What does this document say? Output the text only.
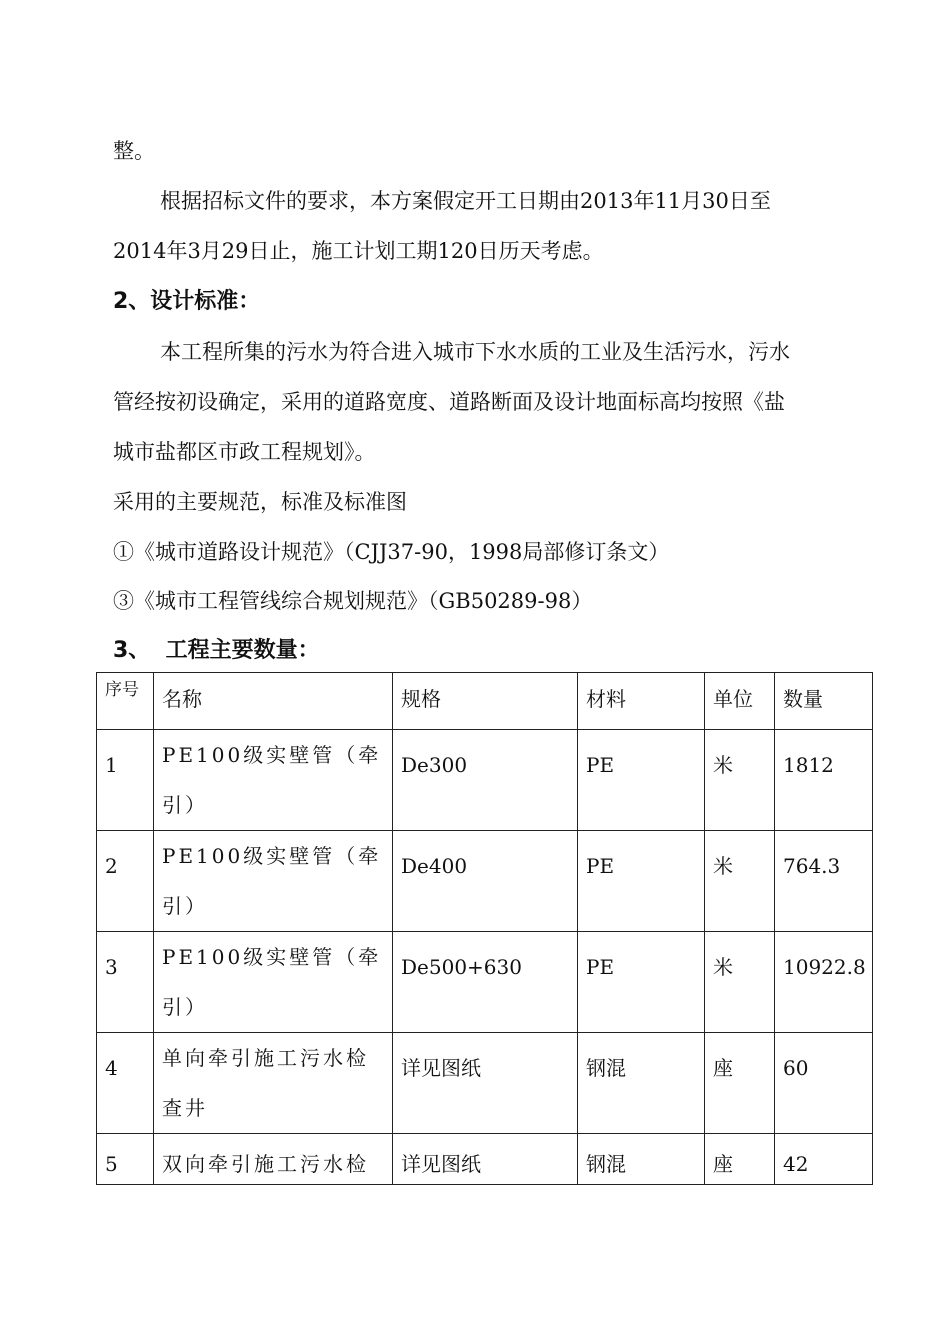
整。
根据招标文件的要求，本方案假定开工日期由2013年11月30日至
2014年3月29日止，施工计划工期120日历天考虑。
2、设计标准：
本工程所集的污水为符合进入城市下水水质的工业及生活污水，污水
管经按初设确定，采用的道路宽度、道路断面及设计地面标高均按照《盐
城市盐都区市政工程规划》。
采用的主要规范，标准及标准图
①《城市道路设计规范》（CJJ37-90，1998局部修订条文）
③《城市工程管线综合规划规范》（GB50289-98）
3、  工程主要数量：
序号	名称	规格	材料	单位	数量
1	PE100级实壁管（牵引）	De300	PE	米	1812
2	PE100级实壁管（牵引）	De400	PE	米	764.3
3	PE100级实壁管（牵引）	De500+630	PE	米	10922.8
4	单向牵引施工污水检查井	详见图纸	钢混	座	60
5	双向牵引施工污水检	详见图纸	钢混	座	42
